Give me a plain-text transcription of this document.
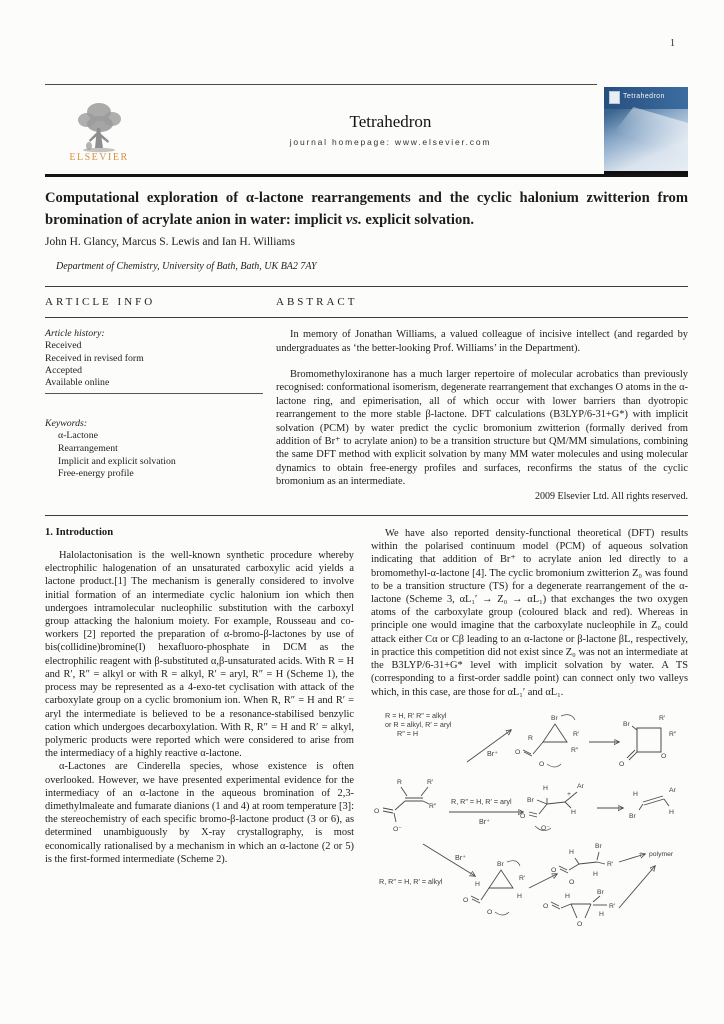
1
ELSEVIER
Tetrahedron
journal homepage: www.elsevier.com
Tetrahedron
Computational exploration of α-lactone rearrangements and the cyclic halonium zwitterion from bromination of acrylate anion in water: implicit vs. explicit solvation.
John H. Glancy, Marcus S. Lewis and Ian H. Williams
Department of Chemistry, University of Bath, Bath, UK BA2 7AY
ARTICLE INFO	ABSTRACT
Article history:
Received
Received in revised form
Accepted
Available online
Keywords:
α-Lactone
Rearrangement
Implicit and explicit solvation
Free-energy profile
In memory of Jonathan Williams, a valued colleague of incisive intellect (and regarded by undergraduates as ‘the better-looking Prof. Williams’ in the Department).
Bromomethyloxiranone has a much larger repertoire of molecular acrobatics than previously recognised: conformational isomerism, degenerate rearrangement that exchanges O atoms in the α-lactone ring, and epimerisation, all of which occur with lower barriers than dyotropic rearrangement to the more stable β-lactone. DFT calculations (B3LYP/6-31+G*) with implicit solvation (PCM) by water predict the cyclic bromonium zwitterion (formally derived from addition of Br⁺ to acrylate anion) to be a transition structure but QM/MM simulations, combining the same DFT method with explicit solvation by many MM water molecules and using molecular dynamics to obtain free-energy profiles and surfaces, reconfirms the status of the cyclic bromonium as an intermediate.
2009 Elsevier Ltd. All rights reserved.
1. Introduction

Halolactonisation is the well-known synthetic procedure whereby electrophilic halogenation of an unsaturated carboxylic acid yields a lactone product.[1] The mechanism is generally considered to involve initial formation of an intermediate cyclic halonium ion which then undergoes intramolecular nucleophilic substitution with the carboxyl group attacking the halonium moiety. For example, Rousseau and co-workers [2] reported the preparation of α-bromo-β-lactones by use of bis(collidine)bromine(I) hexafluoro-phosphate in DCM as the electrophilic reagent with β-substituted α,β-unsaturated acids. With R = H and R′, R″ = alkyl or with R = alkyl, R′ = aryl, R″ = H (Scheme 1), the process may be represented as a 4-exo-tet cyclisation with attack of the carboxylate group on a cyclic bromonium ion. When R, R″ = H and R′ = aryl the intermediate is believed to be a resonance-stabilised benzylic cation which undergoes decarboxylation. With R, R″ = H and R′ = alkyl, polymeric products were reported which were considered to arise from the intermediacy of a highly reactive α-lactone.

α-Lactones are Cinderella species, whose existence is often overlooked. However, we have presented experimental evidence for the intermediacy of an α-lactone in the aqueous bromination of 2,3-dimethylmaleate and fumarate dianions (1 and 4) at room temperature [3]: the stereochemistry of each specific bromo-β-lactone product (3 or 6), as determined unambiguously by X-ray crystallography, is most economically rationalised by a mechanism in which an α-lactone (2 or 5) is the first-formed intermediate (Scheme 2).

We have also reported density-functional theoretical (DFT) results within the polarised continuum model (PCM) of aqueous solvation indicating that addition of Br⁺ to acrylate anion led directly to a bromomethyl-α-lactone [4]. The cyclic bromonium zwitterion Z₀ was found to be a transition structure (TS) for a degenerate rearrangement of the α-lactone (Scheme 3, αL₁′ → Z₀ → αL₁) that exchanges the two oxygen atoms of the carboxylate group (coloured black and red). Whereas in principle one would imagine that the carboxylate nucleophile in Z₀ could attack either Cα or Cβ leading to an α-lactone or β-lactone βL, respectively, in practice this competition did not exist since Z₀ was not an intermediate at the B3LYP/6-31+G* level with implicit solvation by water. A TS (corresponding to a first-order saddle point) can connect only two valleys which, in this case, are those for αL₁′ and αL₁.

R = H, R′ R″ = alkyl
or R = alkyl, R′ = aryl
R″ = H
Br⁺
Br
R
R′
R″
O
O
Br
R′
R″
O
O
R	R′
R″
O
O⁻
R, R″ = H, R′ = aryl
Br⁺
H	Ar
Br
+
H
O
O⁻
H
Ar
Br
H
R, R″ = H, R′ = alkyl
Br⁺
Br
H
R′
H
O
O
H
Br
R′
H
O
O
polymer
O
H
Br
R′
H
O
